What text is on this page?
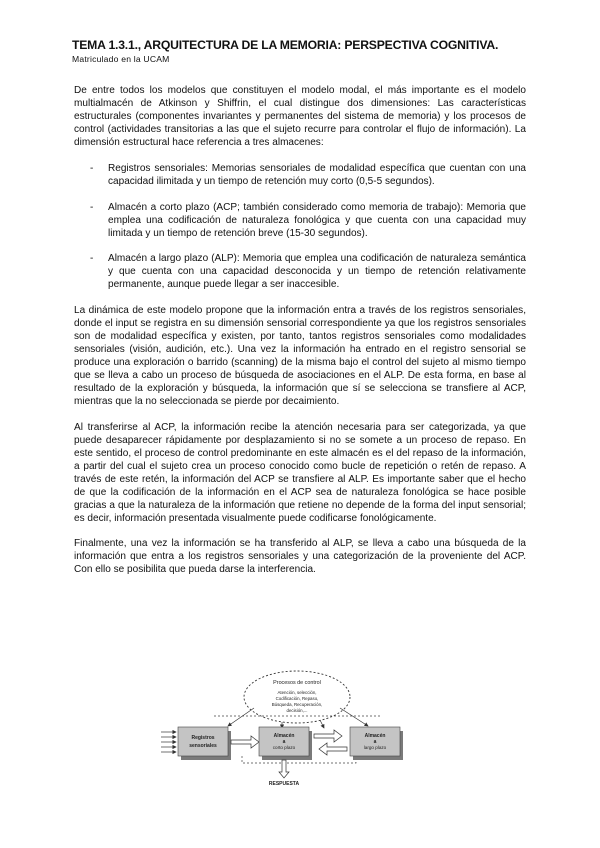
TEMA 1.3.1., ARQUITECTURA DE LA MEMORIA: PERSPECTIVA COGNITIVA.
Matriculado en la UCAM

De entre todos los modelos que constituyen el modelo modal, el más importante es el modelo multialmacén de Atkinson y Shiffrin, el cual distingue dos dimensiones: Las características estructurales (componentes invariantes y permanentes del sistema de memoria) y los procesos de control (actividades transitorias a las que el sujeto recurre para controlar el flujo de información). La dimensión estructural hace referencia a tres almacenes:

- Registros sensoriales: Memorias sensoriales de modalidad específica que cuentan con una capacidad ilimitada y un tiempo de retención muy corto (0,5-5 segundos).
- Almacén a corto plazo (ACP; también considerado como memoria de trabajo): Memoria que emplea una codificación de naturaleza fonológica y que cuenta con una capacidad muy limitada y un tiempo de retención breve (15-30 segundos).
- Almacén a largo plazo (ALP): Memoria que emplea una codificación de naturaleza semántica y que cuenta con una capacidad desconocida y un tiempo de retención relativamente permanente, aunque puede llegar a ser inaccesible.

La dinámica de este modelo propone que la información entra a través de los registros sensoriales, donde el input se registra en su dimensión sensorial correspondiente ya que los registros sensoriales son de modalidad específica y existen, por tanto, tantos registros sensoriales como modalidades sensoriales (visión, audición, etc.). Una vez la información ha entrado en el registro sensorial se produce una exploración o barrido (scanning) de la misma bajo el control del sujeto al mismo tiempo que se lleva a cabo un proceso de búsqueda de asociaciones en el ALP. De esta forma, en base al resultado de la exploración y búsqueda, la información que sí se selecciona se transfiere al ACP, mientras que la no seleccionada se pierde por decaimiento.

Al transferirse al ACP, la información recibe la atención necesaria para ser categorizada, ya que puede desaparecer rápidamente por desplazamiento si no se somete a un proceso de repaso. En este sentido, el proceso de control predominante en este almacén es el del repaso de la información, a partir del cual el sujeto crea un proceso conocido como bucle de repetición o retén de repaso. A través de este retén, la información del ACP se transfiere al ALP. Es importante saber que el hecho de que la codificación de la información en el ACP sea de naturaleza fonológica se hace posible gracias a que la naturaleza de la información que retiene no depende de la forma del input sensorial; es decir, información presentada visualmente puede codificarse fonológicamente.

Finalmente, una vez la información se ha transferido al ALP, se lleva a cabo una búsqueda de la información que entra a los registros sensoriales y una categorización de la proveniente del ACP. Con ello se posibilita que pueda darse la interferencia.

Procesos de control
Atención, selección,
Codificación, Repaso,
Búsqueda, Recuperación,
decisión,...
Registros
sensoriales
Almacén
a
corto plazo
Almacén
a
largo plazo
RESPUESTA
